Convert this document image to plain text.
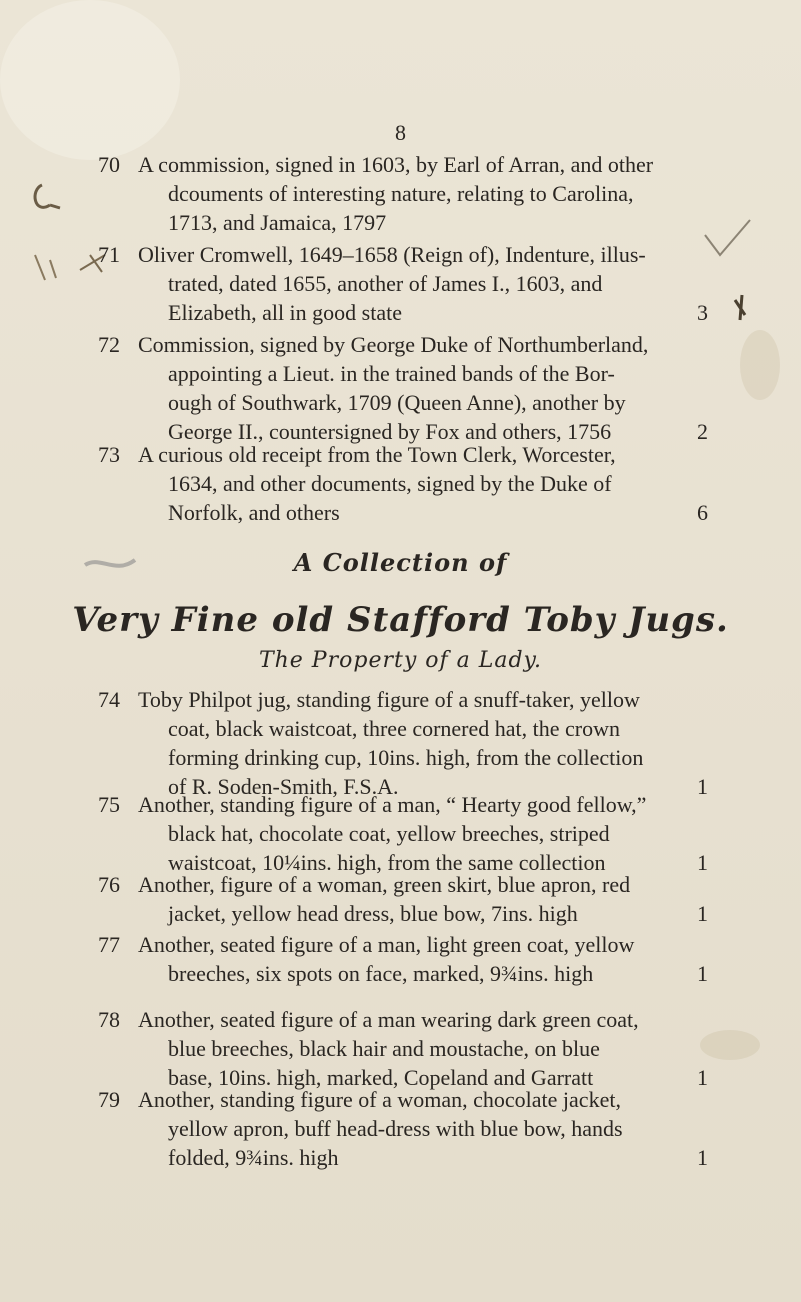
8
70 A commission, signed in 1603, by Earl of Arran, and other
dcouments of interesting nature, relating to Carolina,
1713, and Jamaica, 1797
71 Oliver Cromwell, 1649–1658 (Reign of), Indenture, illus-
trated, dated 1655, another of James I., 1603, and
Elizabeth, all in good state	3
72 Commission, signed by George Duke of Northumberland,
appointing a Lieut. in the trained bands of the Bor-
ough of Southwark, 1709 (Queen Anne), another by
George II., countersigned by Fox and others, 1756	2
73 A curious old receipt from the Town Clerk, Worcester,
1634, and other documents, signed by the Duke of
Norfolk, and others	6
A Collection of
Very Fine old Stafford Toby Jugs.
The Property of a Lady.
74 Toby Philpot jug, standing figure of a snuff-taker, yellow
coat, black waistcoat, three cornered hat, the crown
forming drinking cup, 10ins. high, from the collection
of R. Soden-Smith, F.S.A.	1
75 Another, standing figure of a man, “ Hearty good fellow,”
black hat, chocolate coat, yellow breeches, striped
waistcoat, 10¼ins. high, from the same collection	1
76 Another, figure of a woman, green skirt, blue apron, red
jacket, yellow head dress, blue bow, 7ins. high	1
77 Another, seated figure of a man, light green coat, yellow
breeches, six spots on face, marked, 9¾ins. high	1
78 Another, seated figure of a man wearing dark green coat,
blue breeches, black hair and moustache, on blue
base, 10ins. high, marked, Copeland and Garratt	1
79 Another, standing figure of a woman, chocolate jacket,
yellow apron, buff head-dress with blue bow, hands
folded, 9¾ins. high	1
